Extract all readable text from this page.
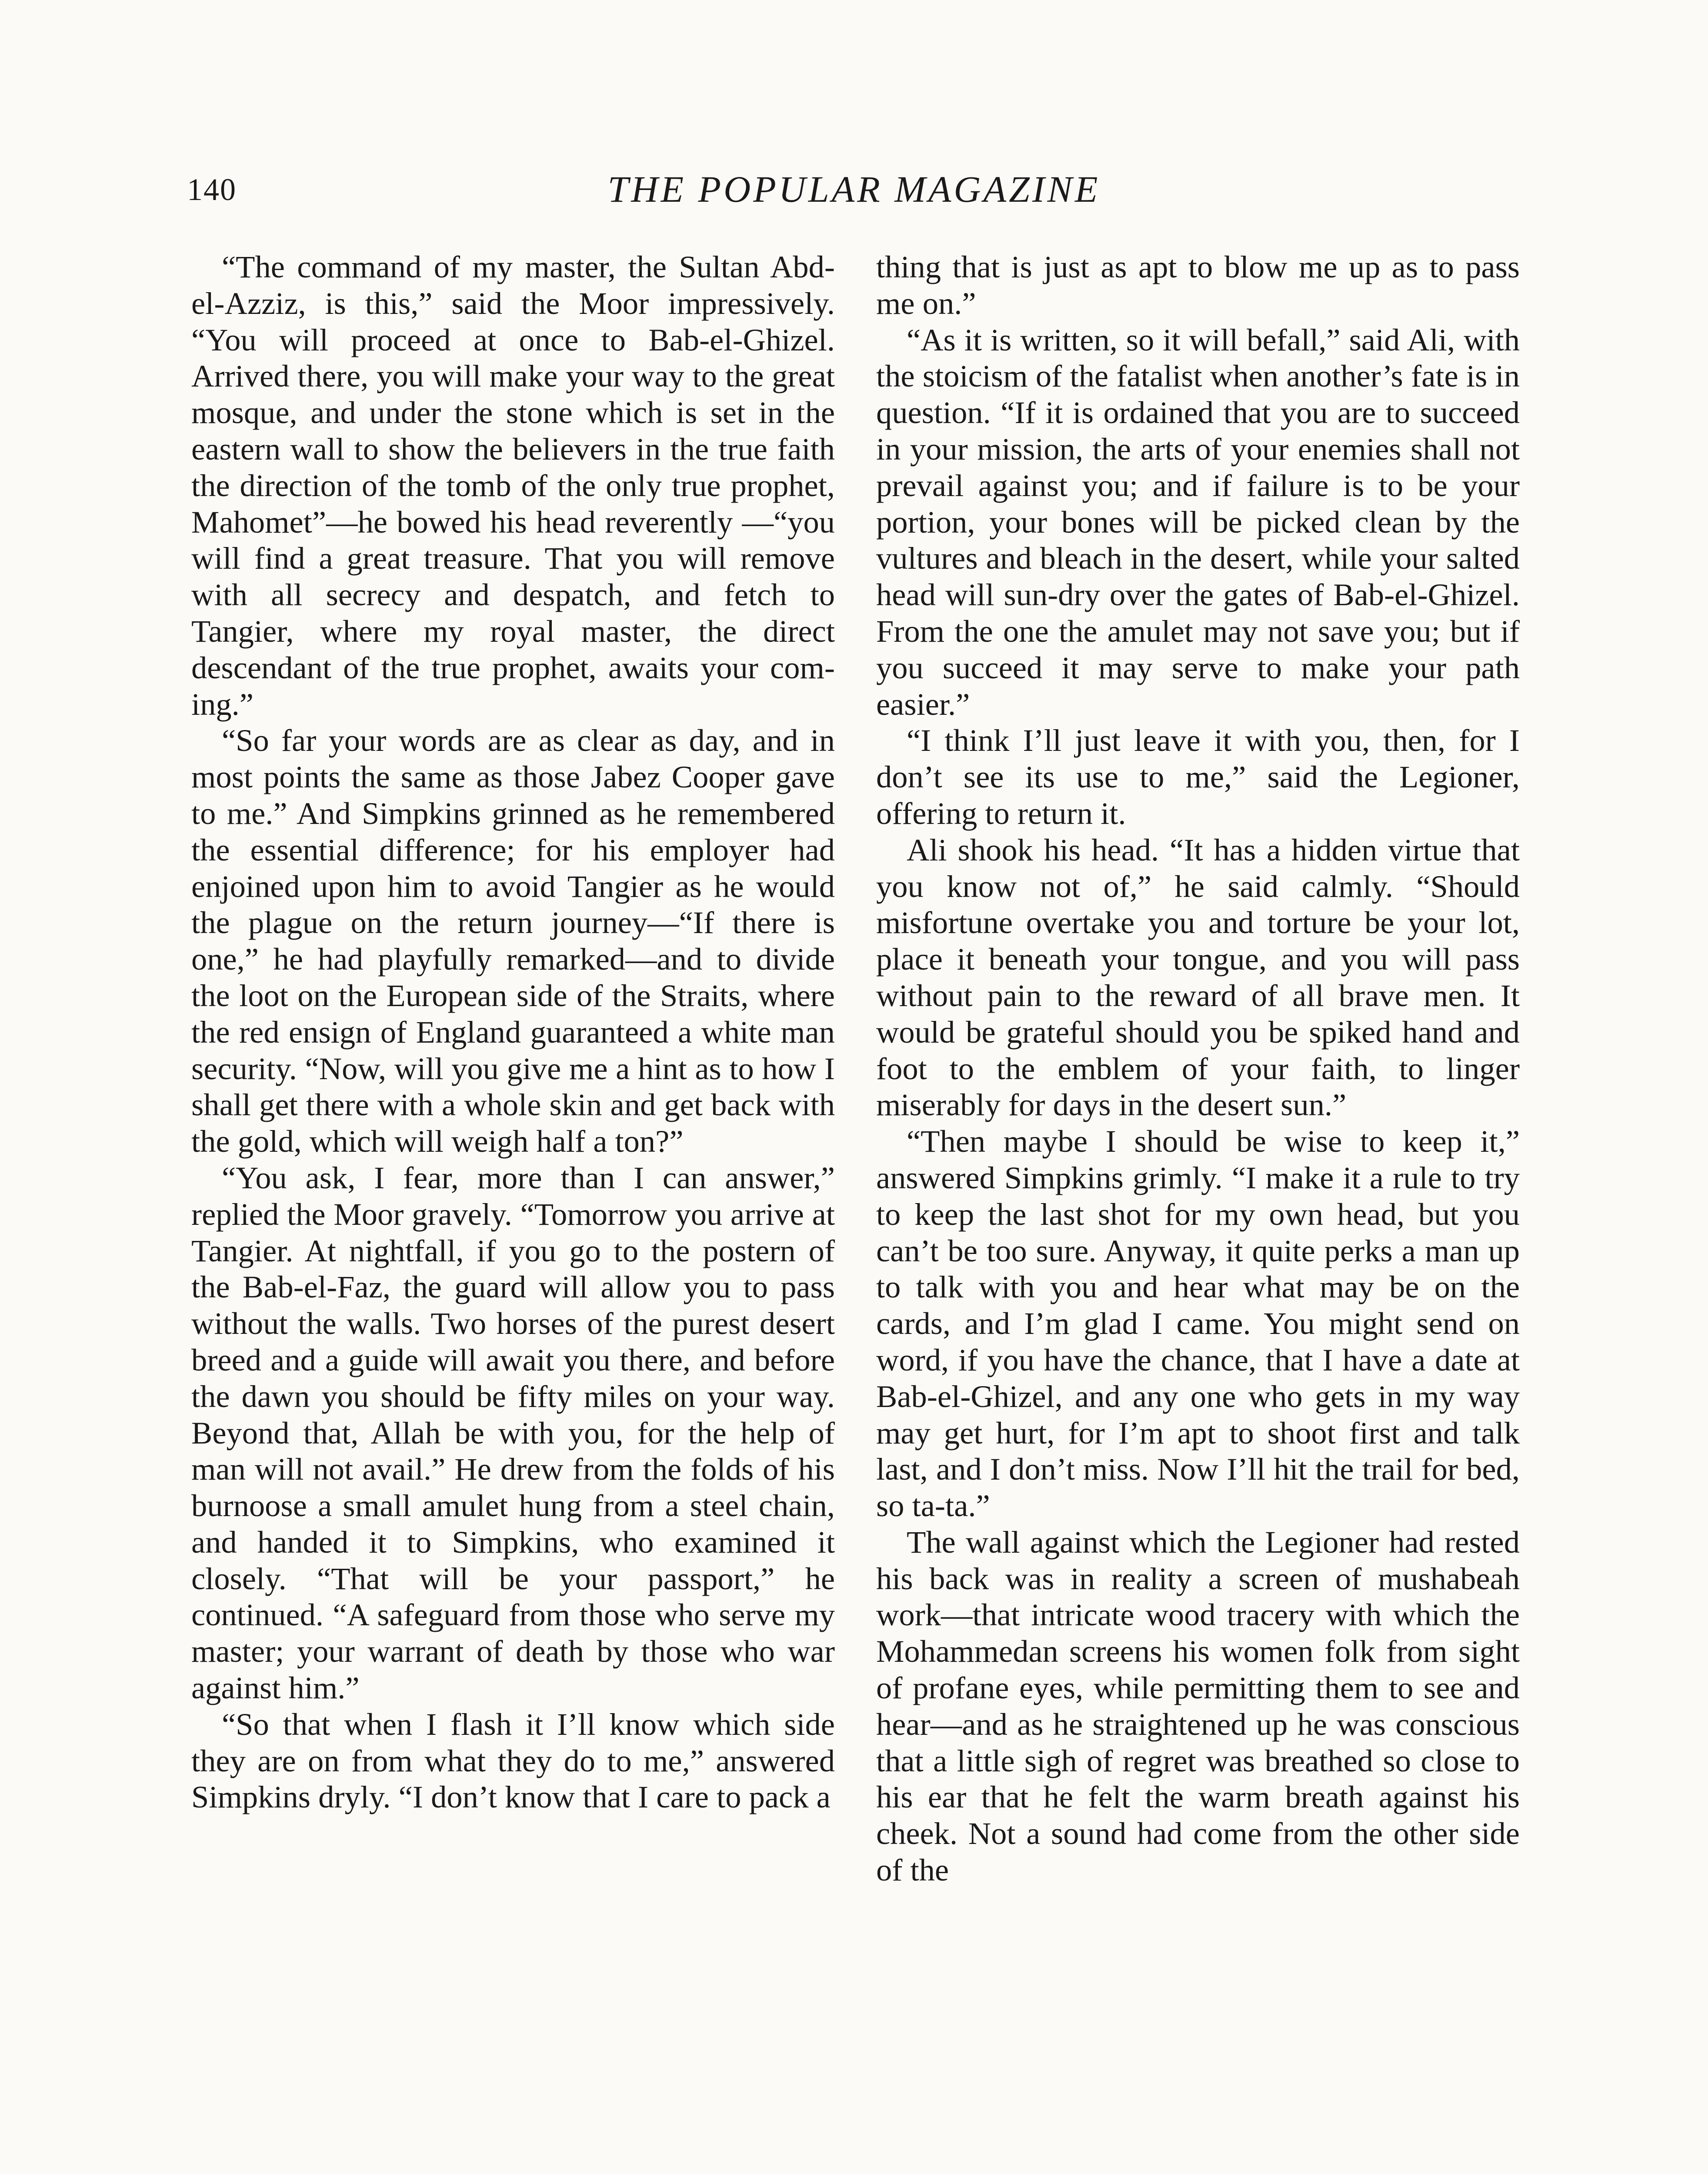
140	THE POPULAR MAGAZINE

“The command of my master, the Sultan Abd-el-Azziz, is this,” said the Moor impressively. “You will proceed at once to Bab-el-Ghizel. Arrived there, you will make your way to the great mosque, and under the stone which is set in the eastern wall to show the believers in the true faith the direction of the tomb of the only true prophet, Mahomet”—he bowed his head reverently —“you will find a great treasure. That you will remove with all secrecy and despatch, and fetch to Tangier, where my royal master, the direct descendant of the true prophet, awaits your coming.”

“So far your words are as clear as day, and in most points the same as those Jabez Cooper gave to me.” And Simpkins grinned as he remembered the essential difference; for his employer had enjoined upon him to avoid Tangier as he would the plague on the return journey—“If there is one,” he had playfully remarked—and to divide the loot on the European side of the Straits, where the red ensign of England guaranteed a white man security. “Now, will you give me a hint as to how I shall get there with a whole skin and get back with the gold, which will weigh half a ton?”

“You ask, I fear, more than I can answer,” replied the Moor gravely. “Tomorrow you arrive at Tangier. At nightfall, if you go to the postern of the Bab-el-Faz, the guard will allow you to pass without the walls. Two horses of the purest desert breed and a guide will await you there, and before the dawn you should be fifty miles on your way. Beyond that, Allah be with you, for the help of man will not avail.” He drew from the folds of his burnoose a small amulet hung from a steel chain, and handed it to Simpkins, who examined it closely. “That will be your passport,” he continued. “A safeguard from those who serve my master; your warrant of death by those who war against him.”

“So that when I flash it I’ll know which side they are on from what they do to me,” answered Simpkins dryly. “I don’t know that I care to pack a

thing that is just as apt to blow me up as to pass me on.”

“As it is written, so it will befall,” said Ali, with the stoicism of the fatalist when another’s fate is in question. “If it is ordained that you are to succeed in your mission, the arts of your enemies shall not prevail against you; and if failure is to be your portion, your bones will be picked clean by the vultures and bleach in the desert, while your salted head will sun-dry over the gates of Bab-el-Ghizel. From the one the amulet may not save you; but if you succeed it may serve to make your path easier.”

“I think I’ll just leave it with you, then, for I don’t see its use to me,” said the Legioner, offering to return it.

Ali shook his head. “It has a hidden virtue that you know not of,” he said calmly. “Should misfortune overtake you and torture be your lot, place it beneath your tongue, and you will pass without pain to the reward of all brave men. It would be grateful should you be spiked hand and foot to the emblem of your faith, to linger miserably for days in the desert sun.”

“Then maybe I should be wise to keep it,” answered Simpkins grimly. “I make it a rule to try to keep the last shot for my own head, but you can’t be too sure. Anyway, it quite perks a man up to talk with you and hear what may be on the cards, and I’m glad I came. You might send on word, if you have the chance, that I have a date at Bab-el-Ghizel, and any one who gets in my way may get hurt, for I’m apt to shoot first and talk last, and I don’t miss. Now I’ll hit the trail for bed, so ta-ta.”

The wall against which the Legioner had rested his back was in reality a screen of mushabeah work—that intricate wood tracery with which the Mohammedan screens his women folk from sight of profane eyes, while permitting them to see and hear—and as he straightened up he was conscious that a little sigh of regret was breathed so close to his ear that he felt the warm breath against his cheek. Not a sound had come from the other side of the
